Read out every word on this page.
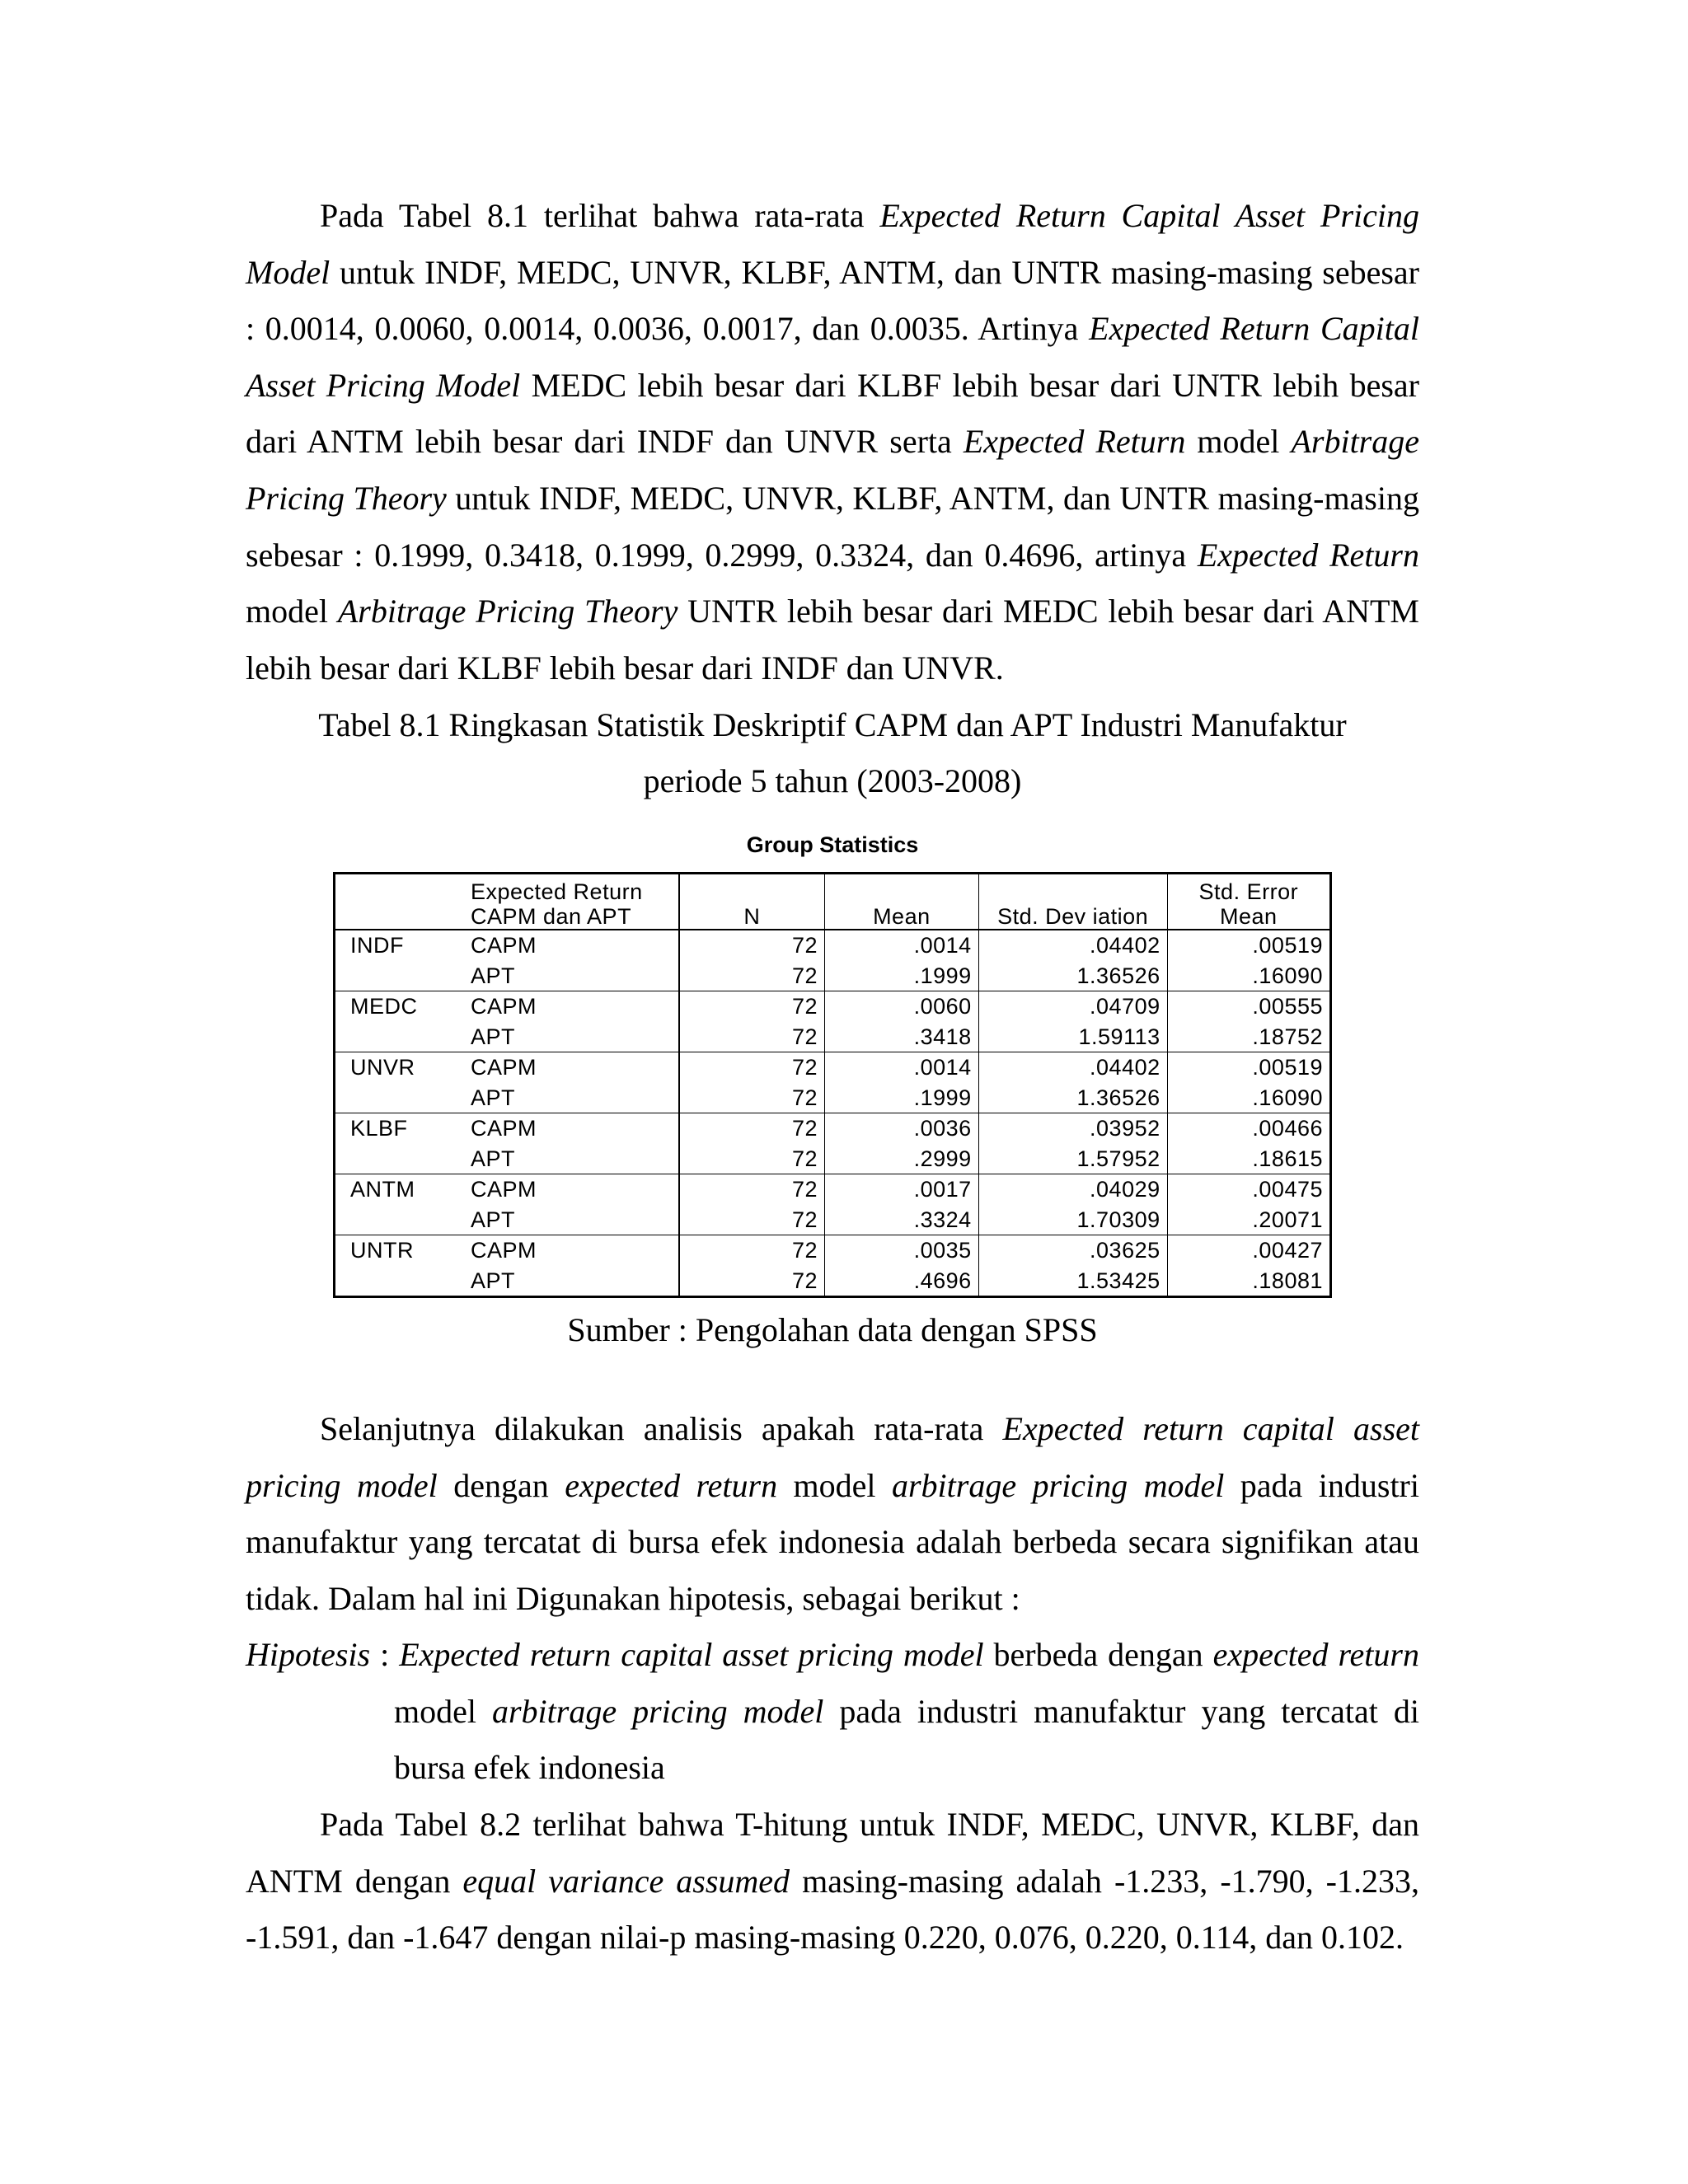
Pada Tabel 8.1 terlihat bahwa rata-rata Expected Return Capital Asset Pricing Model untuk INDF, MEDC, UNVR, KLBF, ANTM, dan UNTR masing-masing sebesar : 0.0014, 0.0060, 0.0014, 0.0036, 0.0017, dan 0.0035. Artinya Expected Return Capital Asset Pricing Model MEDC lebih besar dari KLBF lebih besar dari UNTR lebih besar dari ANTM lebih besar dari INDF dan UNVR serta Expected Return model Arbitrage Pricing Theory untuk INDF, MEDC, UNVR, KLBF, ANTM, dan UNTR masing-masing sebesar : 0.1999, 0.3418, 0.1999, 0.2999, 0.3324, dan 0.4696, artinya Expected Return model Arbitrage Pricing Theory UNTR lebih besar dari MEDC lebih besar dari ANTM lebih besar dari KLBF lebih besar dari INDF dan UNVR.

Tabel 8.1 Ringkasan Statistik Deskriptif CAPM dan APT Industri Manufaktur
periode 5 tahun (2003-2008)
Group Statistics
	Expected Return
CAPM dan APT	N	Mean	Std. Dev iation	Std. Error
Mean
INDF	CAPM	72	.0014	.04402	.00519
	APT	72	.1999	1.36526	.16090
MEDC	CAPM	72	.0060	.04709	.00555
	APT	72	.3418	1.59113	.18752
UNVR	CAPM	72	.0014	.04402	.00519
	APT	72	.1999	1.36526	.16090
KLBF	CAPM	72	.0036	.03952	.00466
	APT	72	.2999	1.57952	.18615
ANTM	CAPM	72	.0017	.04029	.00475
	APT	72	.3324	1.70309	.20071
UNTR	CAPM	72	.0035	.03625	.00427
	APT	72	.4696	1.53425	.18081
Sumber : Pengolahan data dengan SPSS

Selanjutnya dilakukan analisis apakah rata-rata Expected return capital asset pricing model dengan expected return model arbitrage pricing model pada industri manufaktur yang tercatat di bursa efek indonesia adalah berbeda secara signifikan atau tidak. Dalam hal ini Digunakan hipotesis, sebagai berikut :

Hipotesis : Expected return capital asset pricing model berbeda dengan expected return
model arbitrage pricing model pada industri manufaktur yang tercatat di bursa efek indonesia

Pada Tabel 8.2 terlihat bahwa T-hitung untuk INDF, MEDC, UNVR, KLBF, dan ANTM dengan equal variance assumed masing-masing adalah -1.233, -1.790, -1.233, -1.591, dan -1.647 dengan nilai-p masing-masing 0.220, 0.076, 0.220, 0.114, dan 0.102.
